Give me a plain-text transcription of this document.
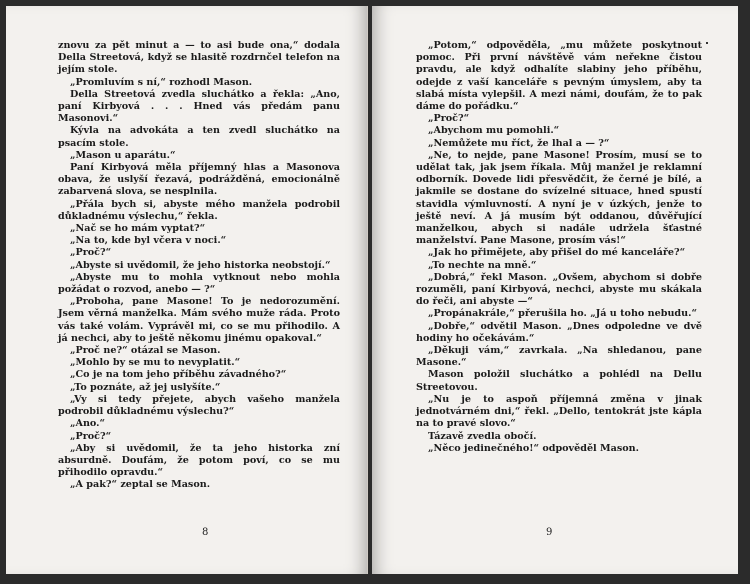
znovu za pět minut a — to asi bude ona,“ dodala Della Streetová, když se hlasitě rozdrnčel telefon na jejím stole.

„Promluvím s ní,“ rozhodl Mason.

Della Streetová zvedla sluchátko a řekla: „Ano, paní Kirbyová . . . Hned vás předám panu Masonovi.“

Kývla na advokáta a ten zvedl sluchátko na psacím stole.

„Mason u aparátu.“

Paní Kirbyová měla příjemný hlas a Masonova obava, že uslyší řezavá, podrážděná, emocionálně zabarvená slova, se nesplnila.

„Přála bych si, abyste mého manžela podrobil důkladnému výslechu,“ řekla.

„Nač se ho mám vyptat?“

„Na to, kde byl včera v noci.“

„Proč?“

„Abyste si uvědomil, že jeho historka neobstojí.“

„Abyste mu to mohla vytknout nebo mohla požádat o rozvod, anebo — ?“

„Proboha, pane Masone! To je nedorozumění. Jsem věrná manželka. Mám svého muže ráda. Proto vás také volám. Vyprávěl mi, co se mu přihodilo. A já nechci, aby to ještě někomu jinému opakoval.“

„Proč ne?“ otázal se Mason.

„Mohlo by se mu to nevyplatit.“

„Co je na tom jeho příběhu závadného?“

„To poznáte, až jej uslyšíte.“

„Vy si tedy přejete, abych vašeho manžela podrobil důkladnému výslechu?“

„Ano.“

„Proč?“

„Aby si uvědomil, že ta jeho historka zní absurdně. Doufám, že potom poví, co se mu přihodilo opravdu.“

„A pak?“ zeptal se Mason.

8

„Potom,“ odpověděla, „mu můžete poskytnout pomoc. Při první návštěvě vám neřekne čistou pravdu, ale když odhalíte slabiny jeho příběhu, odejde z vaší kanceláře s pevným úmyslem, aby ta slabá místa vylepšil. A mezi námi, doufám, že to pak dáme do pořádku.“

„Proč?“

„Abychom mu pomohli.“

„Nemůžete mu říct, že lhal a — ?“

„Ne, to nejde, pane Masone! Prosím, musí se to udělat tak, jak jsem říkala. Můj manžel je reklamní odborník. Dovede lidi přesvědčit, že černé je bílé, a jakmile se dostane do svízelné situace, hned spustí stavidla výmluvností. A nyní je v úzkých, jenže to ještě neví. A já musím být oddanou, důvěřující manželkou, abych si nadále udržela šťastné manželství. Pane Masone, prosím vás!“

„Jak ho přimějete, aby přišel do mé kanceláře?“

„To nechte na mně.“

„Dobrá,“ řekl Mason. „Ovšem, abychom si dobře rozuměli, paní Kirbyová, nechci, abyste mu skákala do řeči, ani abyste —“

„Propánakrále,“ přerušila ho. „Já u toho nebudu.“

„Dobře,“ odvětil Mason. „Dnes odpoledne ve dvě hodiny ho očekávám.“

„Děkuji vám,“ zavrkala. „Na shledanou, pane Masone.“

Mason položil sluchátko a pohlédl na Dellu Streetovou.

„Nu je to aspoň příjemná změna v jinak jednotvárném dni,“ řekl. „Dello, tentokrát jste kápla na to pravé slovo.“

Tázavě zvedla obočí.

„Něco jedinečného!“ odpověděl Mason.

9
